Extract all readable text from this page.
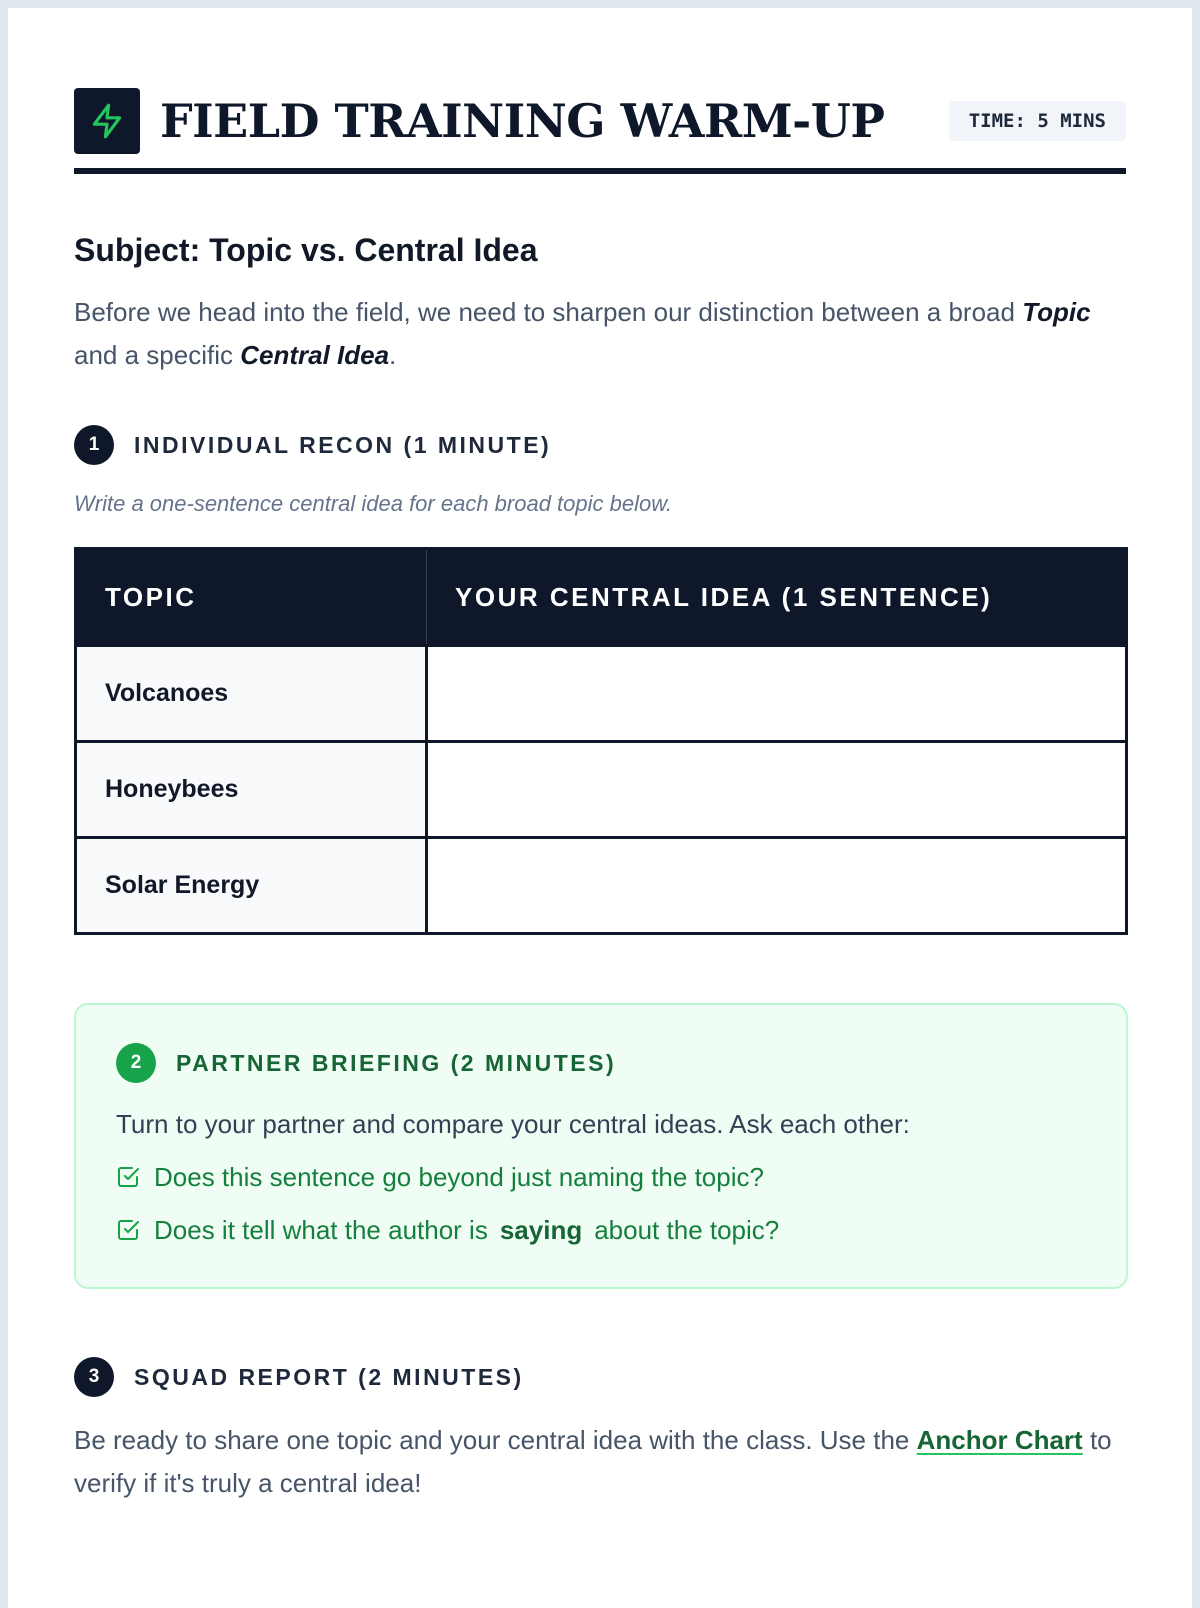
FIELD TRAINING WARM-UP	TIME: 5 MINS
Subject: Topic vs. Central Idea

Before we head into the field, we need to sharpen our distinction between a broad Topic and a specific Central Idea.

1	INDIVIDUAL RECON (1 MINUTE)

Write a one-sentence central idea for each broad topic below.

TOPIC	YOUR CENTRAL IDEA (1 SENTENCE)
Volcanoes	
Honeybees	
Solar Energy	
2	PARTNER BRIEFING (2 MINUTES)

Turn to your partner and compare your central ideas. Ask each other:

Does this sentence go beyond just naming the topic?
Does it tell what the author is saying about the topic?
3	SQUAD REPORT (2 MINUTES)

Be ready to share one topic and your central idea with the class. Use the Anchor Chart to verify if it's truly a central idea!
